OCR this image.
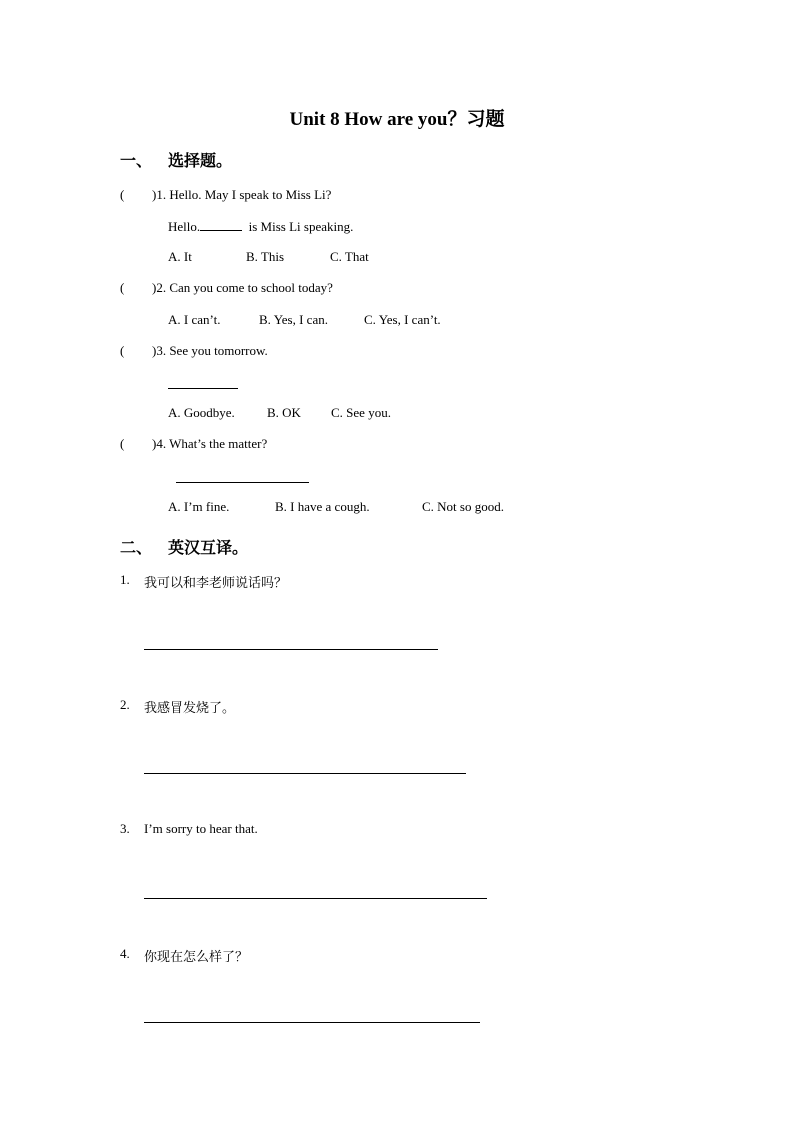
Unit 8 How are you？习题
一、 选择题。
( )1. Hello. May I speak to Miss Li?
Hello.	is Miss Li speaking.
A. It	B. This	C. That
( )2. Can you come to school today?
A. I can’t.	B. Yes, I can.	C. Yes, I can’t.
( )3. See you tomorrow.
A. Goodbye. B. OK C. See you.
( )4. What’s the matter?
A. I’m fine.	B. I have a cough.	C. Not so good.
二、 英汉互译。
1. 我可以和李老师说话吗？
2. 我感冒发烧了。
3. I’m sorry to hear that.
4. 你现在怎么样了？
